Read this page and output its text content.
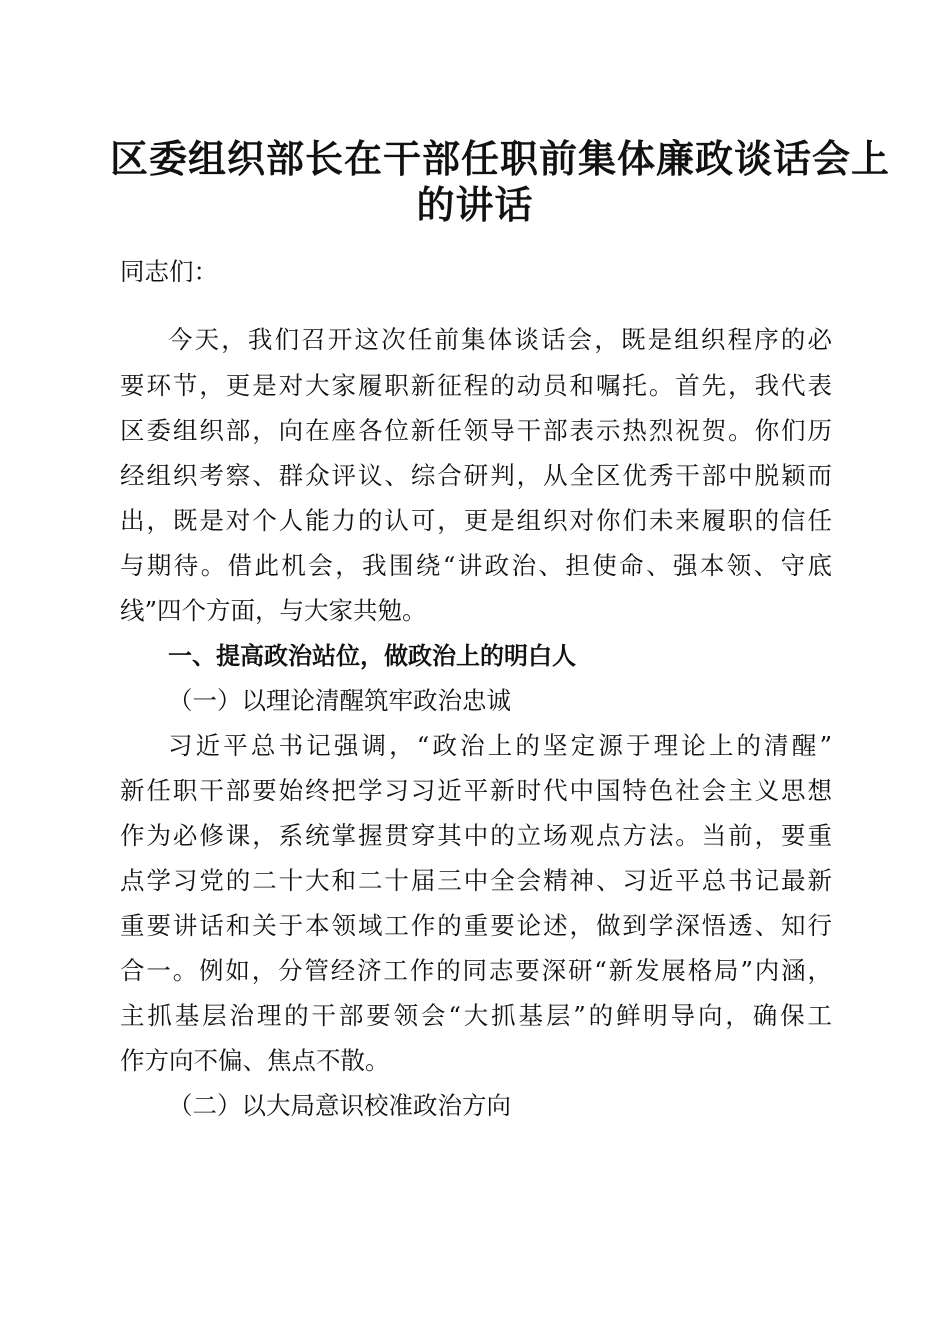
区委组织部长在干部任职前集体廉政谈话会上
的讲话
同志们：
今天，我们召开这次任前集体谈话会，既是组织程序的必
要环节，更是对大家履职新征程的动员和嘱托。首先，我代表
区委组织部，向在座各位新任领导干部表示热烈祝贺。你们历
经组织考察、群众评议、综合研判，从全区优秀干部中脱颖而
出，既是对个人能力的认可，更是组织对你们未来履职的信任
与期待。借此机会，我围绕“讲政治、担使命、强本领、守底
线”四个方面，与大家共勉。
一、提高政治站位，做政治上的明白人
（一）以理论清醒筑牢政治忠诚
习近平总书记强调，“政治上的坚定源于理论上的清醒”
新任职干部要始终把学习习近平新时代中国特色社会主义思想
作为必修课，系统掌握贯穿其中的立场观点方法。当前，要重
点学习党的二十大和二十届三中全会精神、习近平总书记最新
重要讲话和关于本领域工作的重要论述，做到学深悟透、知行
合一。例如，分管经济工作的同志要深研“新发展格局”内涵，
主抓基层治理的干部要领会“大抓基层”的鲜明导向，确保工
作方向不偏、焦点不散。
（二）以大局意识校准政治方向
